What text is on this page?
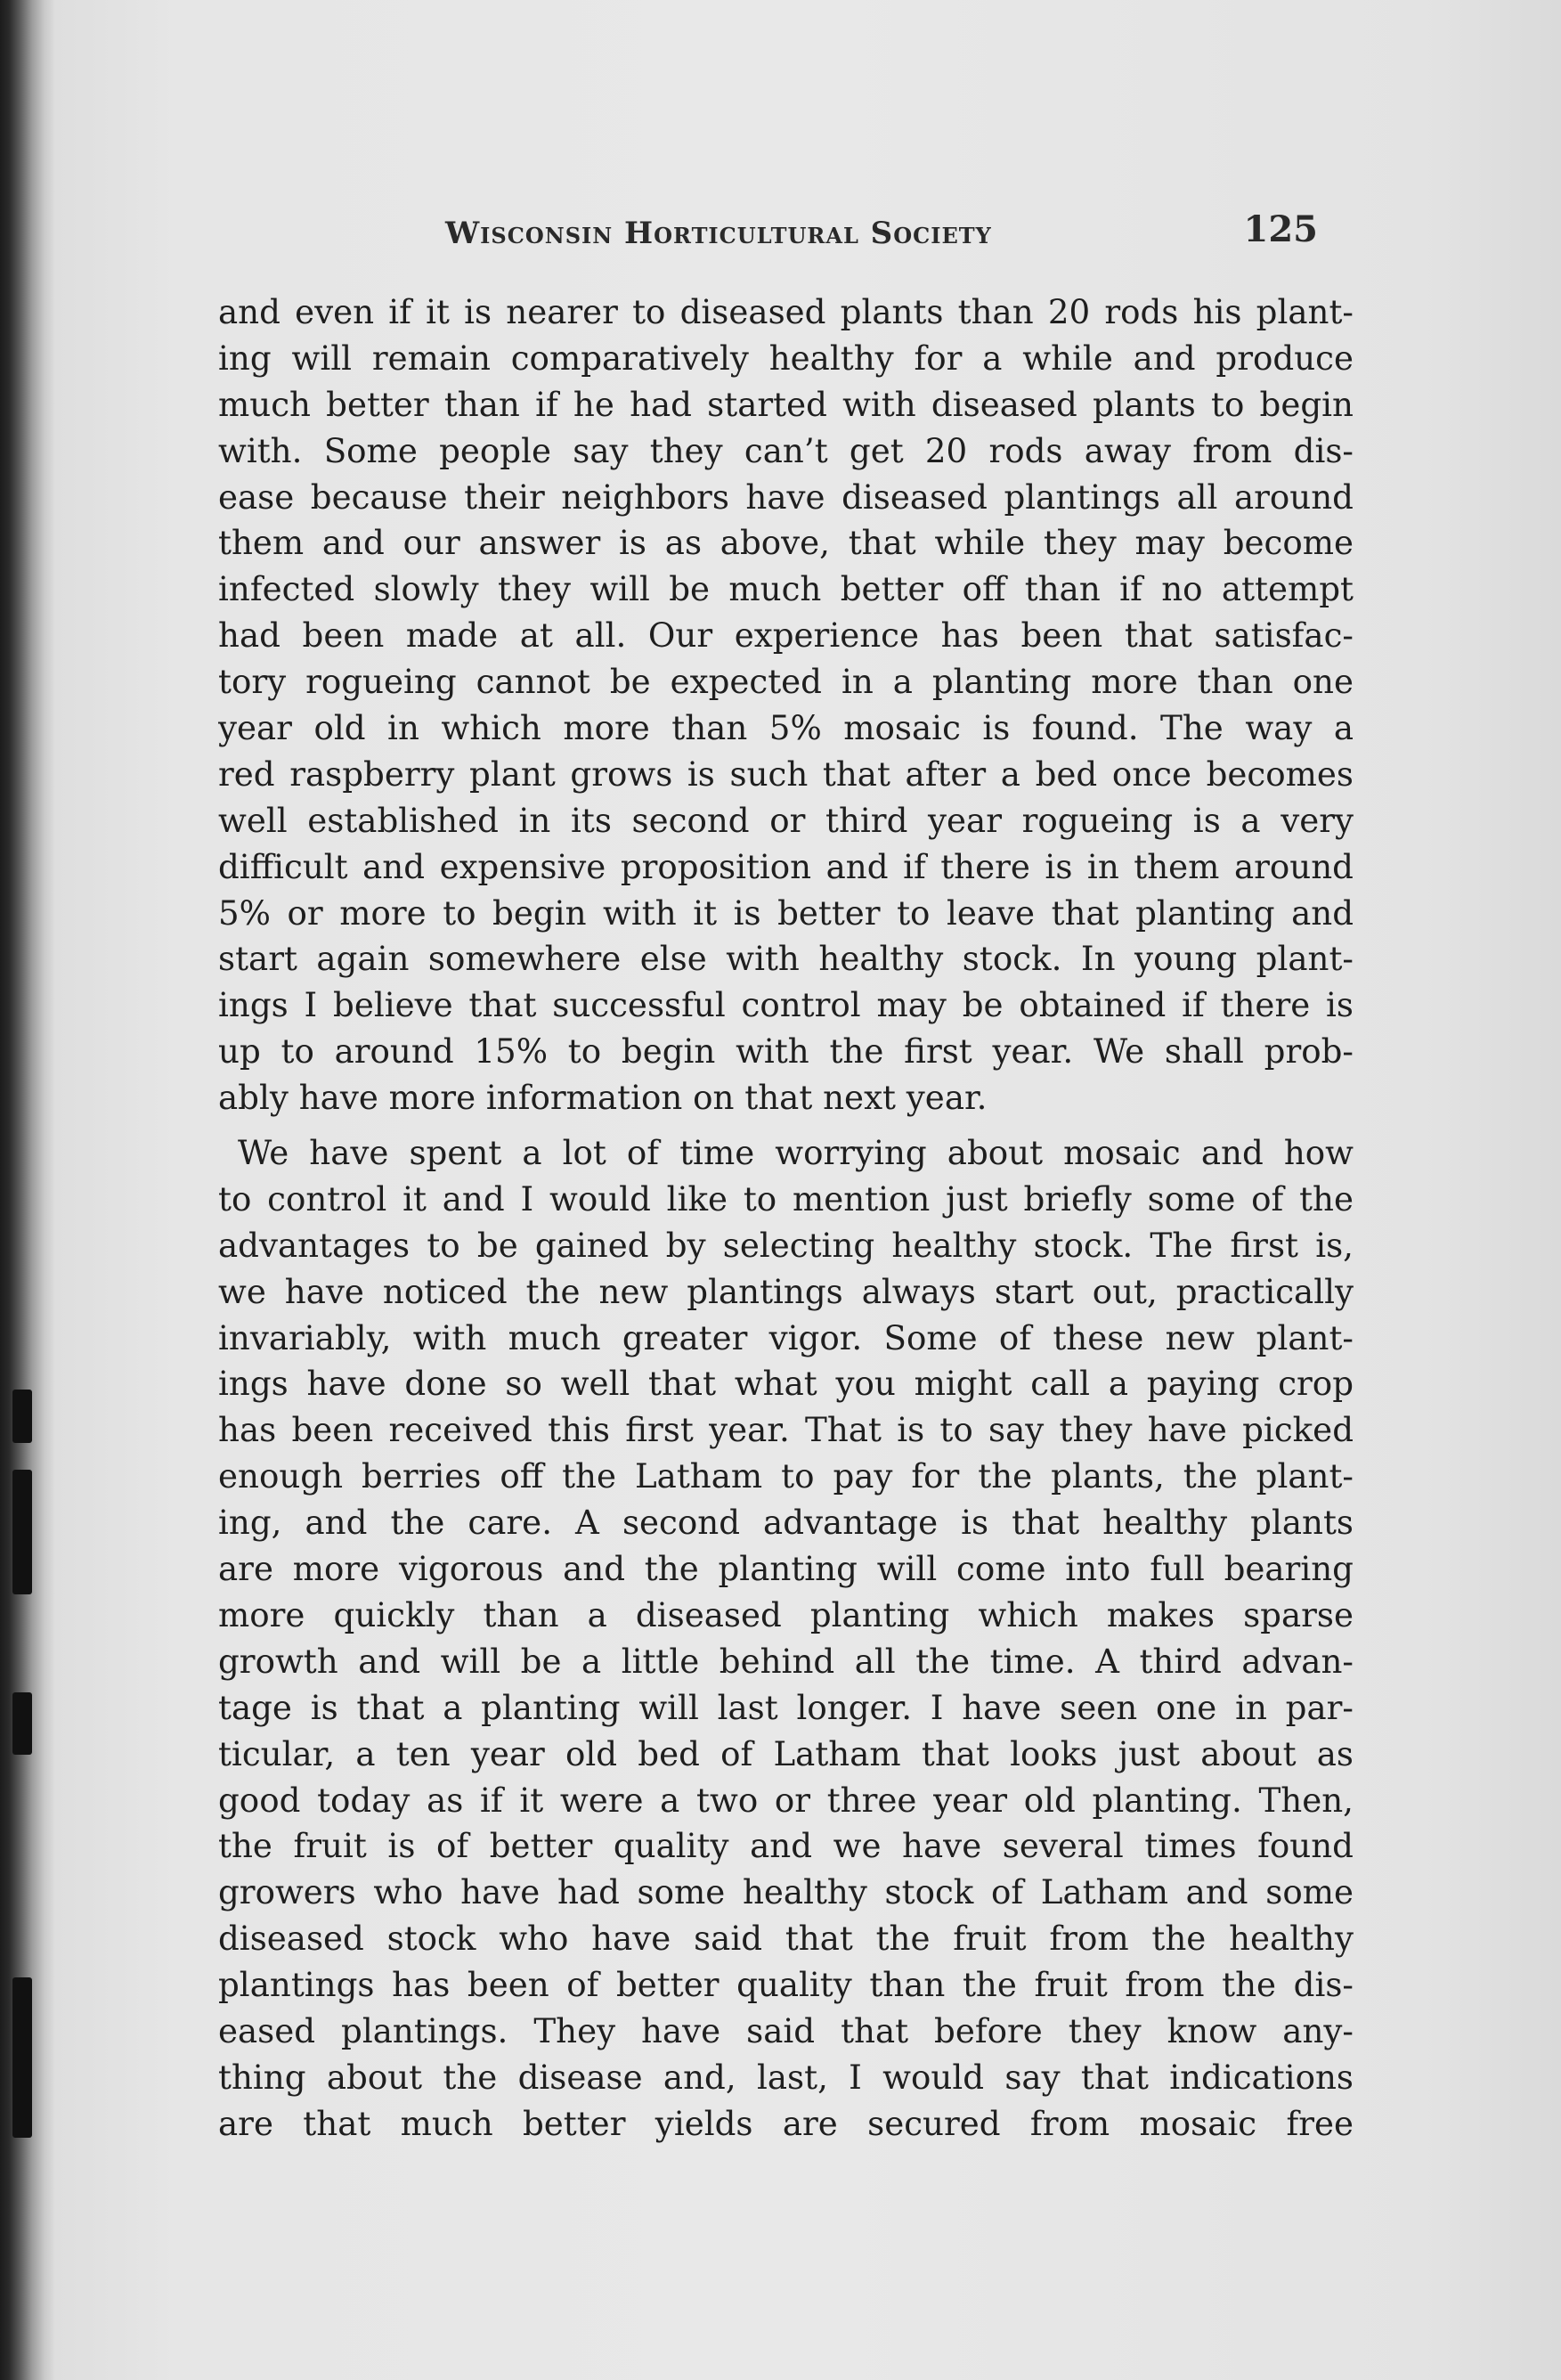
Wisconsin Horticultural Society	125
and even if it is nearer to diseased plants than 20 rods his plant-
ing will remain comparatively healthy for a while and produce
much better than if he had started with diseased plants to begin
with. Some people say they can’t get 20 rods away from dis-
ease because their neighbors have diseased plantings all around
them and our answer is as above, that while they may become
infected slowly they will be much better off than if no attempt
had been made at all. Our experience has been that satisfac-
tory rogueing cannot be expected in a planting more than one
year old in which more than 5% mosaic is found. The way a
red raspberry plant grows is such that after a bed once becomes
well established in its second or third year rogueing is a very
difficult and expensive proposition and if there is in them around
5% or more to begin with it is better to leave that planting and
start again somewhere else with healthy stock. In young plant-
ings I believe that successful control may be obtained if there is
up to around 15% to begin with the first year. We shall prob-
ably have more information on that next year.
We have spent a lot of time worrying about mosaic and how
to control it and I would like to mention just briefly some of the
advantages to be gained by selecting healthy stock. The first is,
we have noticed the new plantings always start out, practically
invariably, with much greater vigor. Some of these new plant-
ings have done so well that what you might call a paying crop
has been received this first year. That is to say they have picked
enough berries off the Latham to pay for the plants, the plant-
ing, and the care. A second advantage is that healthy plants
are more vigorous and the planting will come into full bearing
more quickly than a diseased planting which makes sparse
growth and will be a little behind all the time. A third advan-
tage is that a planting will last longer. I have seen one in par-
ticular, a ten year old bed of Latham that looks just about as
good today as if it were a two or three year old planting. Then,
the fruit is of better quality and we have several times found
growers who have had some healthy stock of Latham and some
diseased stock who have said that the fruit from the healthy
plantings has been of better quality than the fruit from the dis-
eased plantings. They have said that before they know any-
thing about the disease and, last, I would say that indications
are that much better yields are secured from mosaic free
